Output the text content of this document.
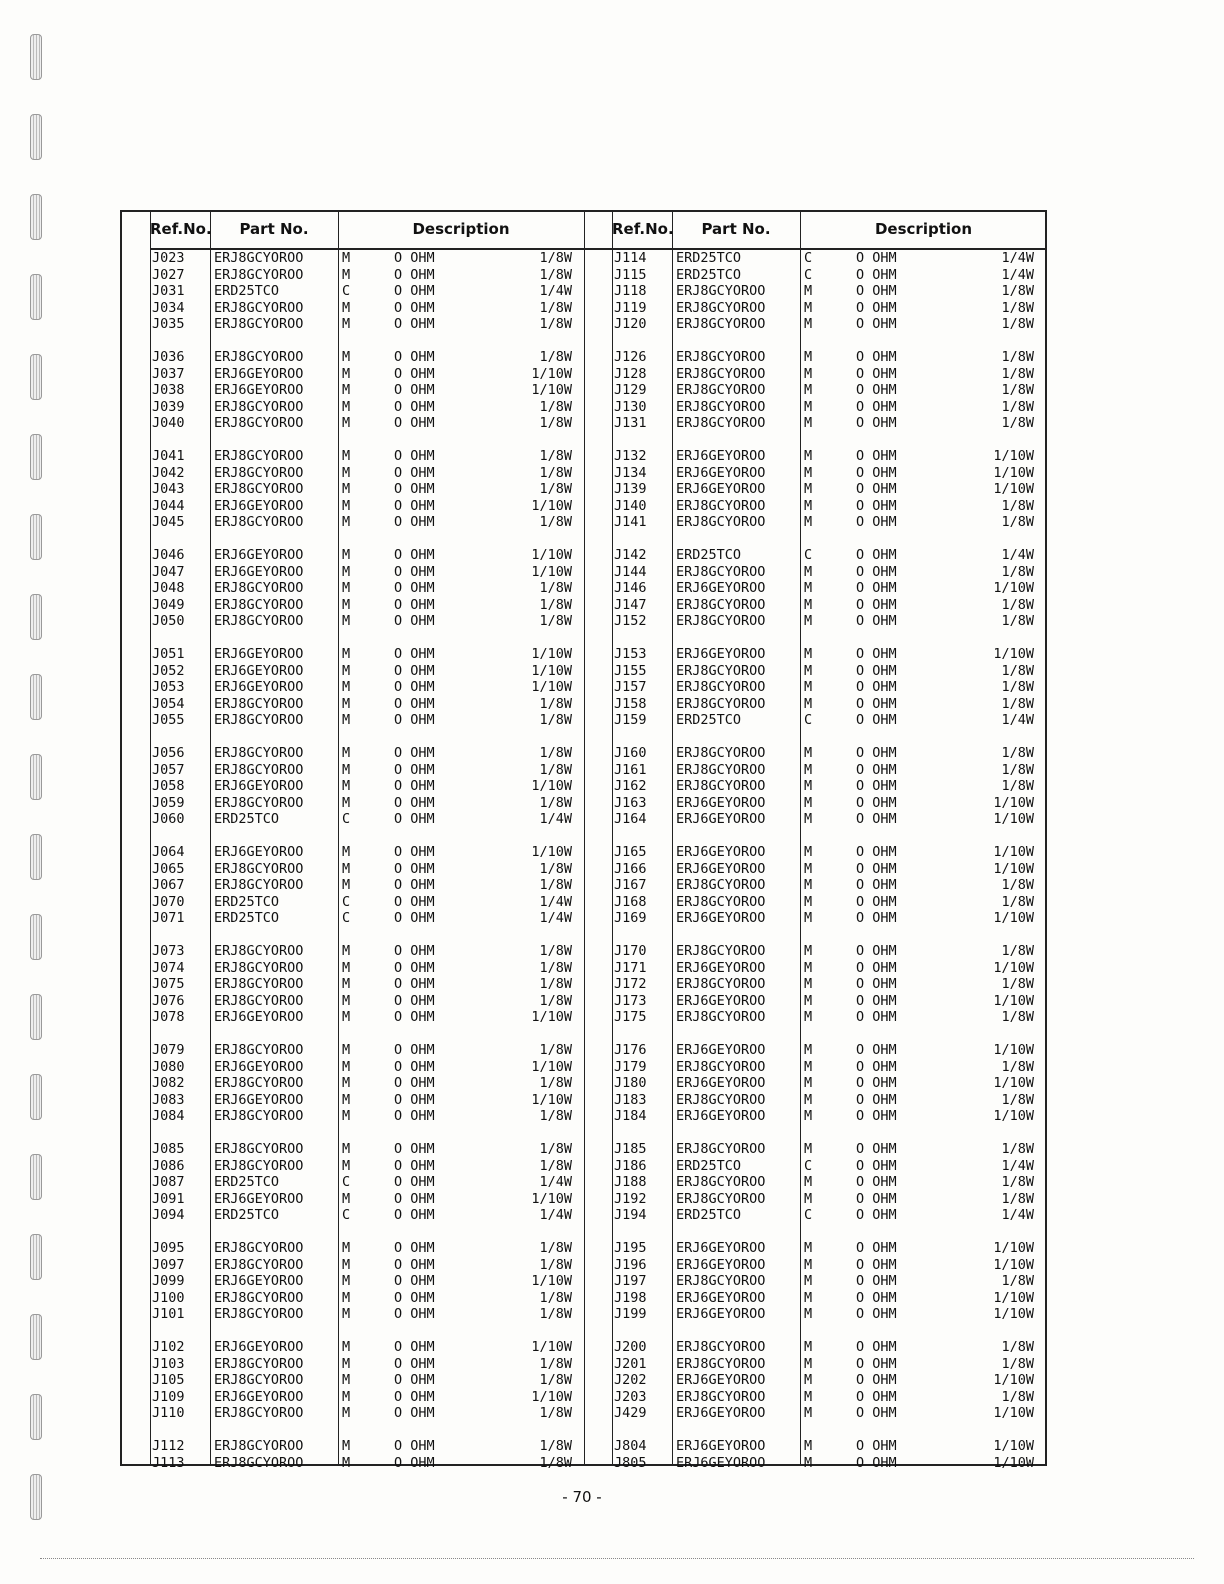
Ref.No.	Part No.	Description	Ref.No.	Part No.	Description
J023	ERJ8GCYOROO	M	O OHM	1/8W
J027	ERJ8GCYOROO	M	O OHM	1/8W
J031	ERD25TCO	C	O OHM	1/4W
J034	ERJ8GCYOROO	M	O OHM	1/8W
J035	ERJ8GCYOROO	M	O OHM	1/8W
J036	ERJ8GCYOROO	M	O OHM	1/8W
J037	ERJ6GEYOROO	M	O OHM	1/10W
J038	ERJ6GEYOROO	M	O OHM	1/10W
J039	ERJ8GCYOROO	M	O OHM	1/8W
J040	ERJ8GCYOROO	M	O OHM	1/8W
J041	ERJ8GCYOROO	M	O OHM	1/8W
J042	ERJ8GCYOROO	M	O OHM	1/8W
J043	ERJ8GCYOROO	M	O OHM	1/8W
J044	ERJ6GEYOROO	M	O OHM	1/10W
J045	ERJ8GCYOROO	M	O OHM	1/8W
J046	ERJ6GEYOROO	M	O OHM	1/10W
J047	ERJ6GEYOROO	M	O OHM	1/10W
J048	ERJ8GCYOROO	M	O OHM	1/8W
J049	ERJ8GCYOROO	M	O OHM	1/8W
J050	ERJ8GCYOROO	M	O OHM	1/8W
J051	ERJ6GEYOROO	M	O OHM	1/10W
J052	ERJ6GEYOROO	M	O OHM	1/10W
J053	ERJ6GEYOROO	M	O OHM	1/10W
J054	ERJ8GCYOROO	M	O OHM	1/8W
J055	ERJ8GCYOROO	M	O OHM	1/8W
J056	ERJ8GCYOROO	M	O OHM	1/8W
J057	ERJ8GCYOROO	M	O OHM	1/8W
J058	ERJ6GEYOROO	M	O OHM	1/10W
J059	ERJ8GCYOROO	M	O OHM	1/8W
J060	ERD25TCO	C	O OHM	1/4W
J064	ERJ6GEYOROO	M	O OHM	1/10W
J065	ERJ8GCYOROO	M	O OHM	1/8W
J067	ERJ8GCYOROO	M	O OHM	1/8W
J070	ERD25TCO	C	O OHM	1/4W
J071	ERD25TCO	C	O OHM	1/4W
J073	ERJ8GCYOROO	M	O OHM	1/8W
J074	ERJ8GCYOROO	M	O OHM	1/8W
J075	ERJ8GCYOROO	M	O OHM	1/8W
J076	ERJ8GCYOROO	M	O OHM	1/8W
J078	ERJ6GEYOROO	M	O OHM	1/10W
J079	ERJ8GCYOROO	M	O OHM	1/8W
J080	ERJ6GEYOROO	M	O OHM	1/10W
J082	ERJ8GCYOROO	M	O OHM	1/8W
J083	ERJ6GEYOROO	M	O OHM	1/10W
J084	ERJ8GCYOROO	M	O OHM	1/8W
J085	ERJ8GCYOROO	M	O OHM	1/8W
J086	ERJ8GCYOROO	M	O OHM	1/8W
J087	ERD25TCO	C	O OHM	1/4W
J091	ERJ6GEYOROO	M	O OHM	1/10W
J094	ERD25TCO	C	O OHM	1/4W
J095	ERJ8GCYOROO	M	O OHM	1/8W
J097	ERJ8GCYOROO	M	O OHM	1/8W
J099	ERJ6GEYOROO	M	O OHM	1/10W
J100	ERJ8GCYOROO	M	O OHM	1/8W
J101	ERJ8GCYOROO	M	O OHM	1/8W
J102	ERJ6GEYOROO	M	O OHM	1/10W
J103	ERJ8GCYOROO	M	O OHM	1/8W
J105	ERJ8GCYOROO	M	O OHM	1/8W
J109	ERJ6GEYOROO	M	O OHM	1/10W
J110	ERJ8GCYOROO	M	O OHM	1/8W
J112	ERJ8GCYOROO	M	O OHM	1/8W
J113	ERJ8GCYOROO	M	O OHM	1/8W
J114	ERD25TCO	C	O OHM	1/4W
J115	ERD25TCO	C	O OHM	1/4W
J118	ERJ8GCYOROO	M	O OHM	1/8W
J119	ERJ8GCYOROO	M	O OHM	1/8W
J120	ERJ8GCYOROO	M	O OHM	1/8W
J126	ERJ8GCYOROO	M	O OHM	1/8W
J128	ERJ8GCYOROO	M	O OHM	1/8W
J129	ERJ8GCYOROO	M	O OHM	1/8W
J130	ERJ8GCYOROO	M	O OHM	1/8W
J131	ERJ8GCYOROO	M	O OHM	1/8W
J132	ERJ6GEYOROO	M	O OHM	1/10W
J134	ERJ6GEYOROO	M	O OHM	1/10W
J139	ERJ6GEYOROO	M	O OHM	1/10W
J140	ERJ8GCYOROO	M	O OHM	1/8W
J141	ERJ8GCYOROO	M	O OHM	1/8W
J142	ERD25TCO	C	O OHM	1/4W
J144	ERJ8GCYOROO	M	O OHM	1/8W
J146	ERJ6GEYOROO	M	O OHM	1/10W
J147	ERJ8GCYOROO	M	O OHM	1/8W
J152	ERJ8GCYOROO	M	O OHM	1/8W
J153	ERJ6GEYOROO	M	O OHM	1/10W
J155	ERJ8GCYOROO	M	O OHM	1/8W
J157	ERJ8GCYOROO	M	O OHM	1/8W
J158	ERJ8GCYOROO	M	O OHM	1/8W
J159	ERD25TCO	C	O OHM	1/4W
J160	ERJ8GCYOROO	M	O OHM	1/8W
J161	ERJ8GCYOROO	M	O OHM	1/8W
J162	ERJ8GCYOROO	M	O OHM	1/8W
J163	ERJ6GEYOROO	M	O OHM	1/10W
J164	ERJ6GEYOROO	M	O OHM	1/10W
J165	ERJ6GEYOROO	M	O OHM	1/10W
J166	ERJ6GEYOROO	M	O OHM	1/10W
J167	ERJ8GCYOROO	M	O OHM	1/8W
J168	ERJ8GCYOROO	M	O OHM	1/8W
J169	ERJ6GEYOROO	M	O OHM	1/10W
J170	ERJ8GCYOROO	M	O OHM	1/8W
J171	ERJ6GEYOROO	M	O OHM	1/10W
J172	ERJ8GCYOROO	M	O OHM	1/8W
J173	ERJ6GEYOROO	M	O OHM	1/10W
J175	ERJ8GCYOROO	M	O OHM	1/8W
J176	ERJ6GEYOROO	M	O OHM	1/10W
J179	ERJ8GCYOROO	M	O OHM	1/8W
J180	ERJ6GEYOROO	M	O OHM	1/10W
J183	ERJ8GCYOROO	M	O OHM	1/8W
J184	ERJ6GEYOROO	M	O OHM	1/10W
J185	ERJ8GCYOROO	M	O OHM	1/8W
J186	ERD25TCO	C	O OHM	1/4W
J188	ERJ8GCYOROO	M	O OHM	1/8W
J192	ERJ8GCYOROO	M	O OHM	1/8W
J194	ERD25TCO	C	O OHM	1/4W
J195	ERJ6GEYOROO	M	O OHM	1/10W
J196	ERJ6GEYOROO	M	O OHM	1/10W
J197	ERJ8GCYOROO	M	O OHM	1/8W
J198	ERJ6GEYOROO	M	O OHM	1/10W
J199	ERJ6GEYOROO	M	O OHM	1/10W
J200	ERJ8GCYOROO	M	O OHM	1/8W
J201	ERJ8GCYOROO	M	O OHM	1/8W
J202	ERJ6GEYOROO	M	O OHM	1/10W
J203	ERJ8GCYOROO	M	O OHM	1/8W
J429	ERJ6GEYOROO	M	O OHM	1/10W
J804	ERJ6GEYOROO	M	O OHM	1/10W
J805	ERJ6GEYOROO	M	O OHM	1/10W
- 70 -
